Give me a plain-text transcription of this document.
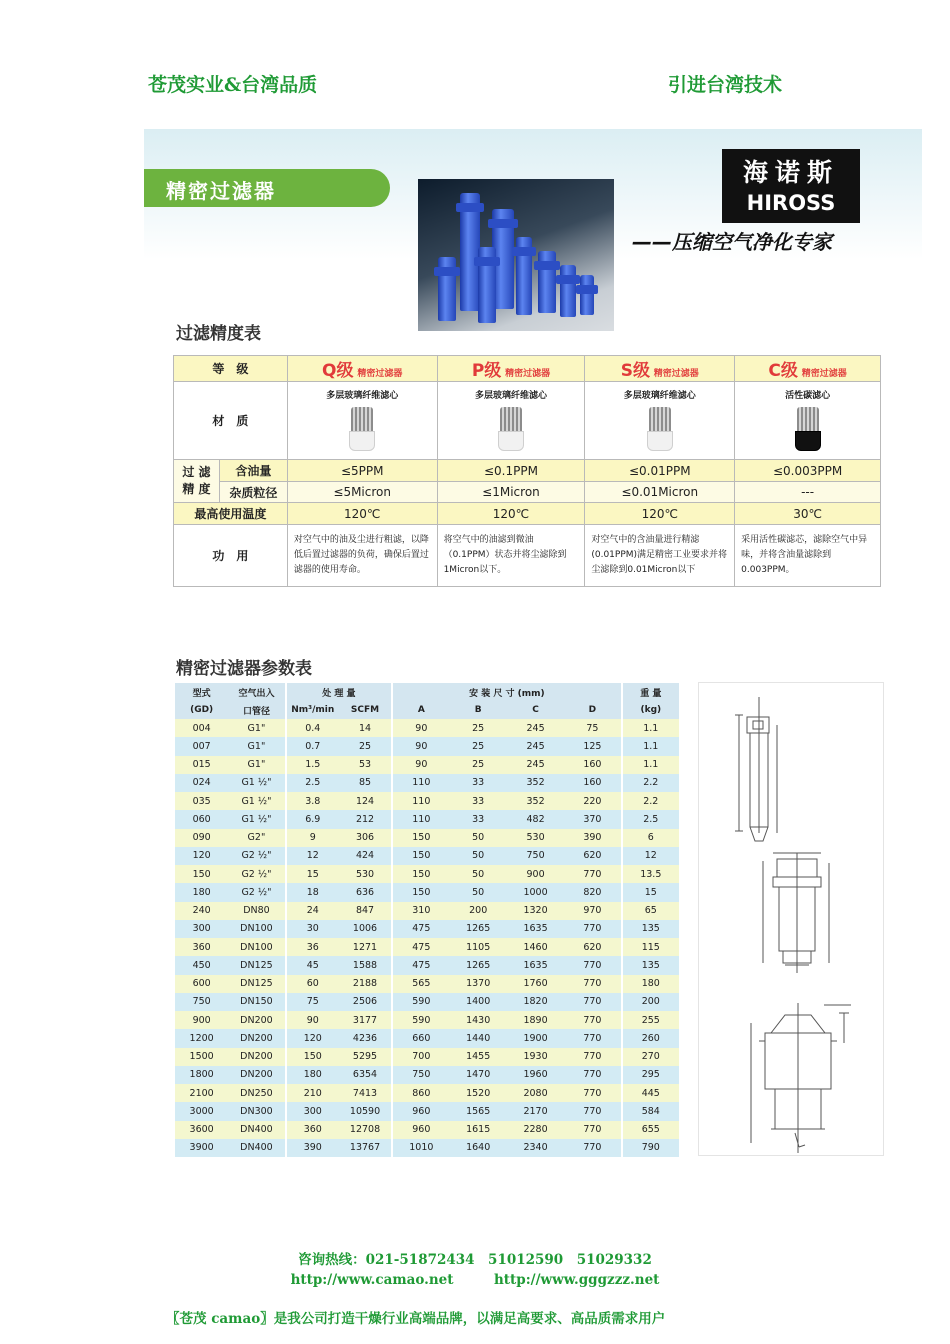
苍茂实业&台湾品质	引进台湾技术
精密过滤器
海诺斯
HIROSS
——压缩空气净化专家
过滤精度表
等　级		Q级 精密过滤器	P级 精密过滤器	S级 精密过滤器	C级 精密过滤器
材　质		多层玻璃纤维滤心	多层玻璃纤维滤心	多层玻璃纤维滤心	活性碳滤心

过 滤
精 度	含油量	≤5PPM	≤0.1PPM	≤0.01PPM	≤0.003PPM
	杂质粒径	≤5Micron	≤1Micron	≤0.01Micron	---
最高使用温度		120℃	120℃	120℃	30℃
功　用		对空气中的油及尘进行粗滤，以降低后置过滤器的负荷，确保后置过滤器的使用寿命。	将空气中的油滤到微油（0.1PPM）状态并将尘滤除到1Micron以下。	对空气中的含油量进行精滤(0.01PPM)满足精密工业要求并将尘滤除到0.01Micron以下	采用活性碳滤芯，滤除空气中异味，并将含油量滤除到0.003PPM。
精密过滤器参数表
型式	空气出入	处 理 量		安 装 尺 寸 (mm)				重 量
(GD)	口管径	Nm³/min	SCFM	A	B	C	D	(kg)
004	G1"	0.4	14	90	25	245	75	1.1
007	G1"	0.7	25	90	25	245	125	1.1
015	G1"	1.5	53	90	25	245	160	1.1
024	G1 ½"	2.5	85	110	33	352	160	2.2
035	G1 ½"	3.8	124	110	33	352	220	2.2
060	G1 ½"	6.9	212	110	33	482	370	2.5
090	G2"	9	306	150	50	530	390	6
120	G2 ½"	12	424	150	50	750	620	12
150	G2 ½"	15	530	150	50	900	770	13.5
180	G2 ½"	18	636	150	50	1000	820	15
240	DN80	24	847	310	200	1320	970	65
300	DN100	30	1006	475	1265	1635	770	135
360	DN100	36	1271	475	1105	1460	620	115
450	DN125	45	1588	475	1265	1635	770	135
600	DN125	60	2188	565	1370	1760	770	180
750	DN150	75	2506	590	1400	1820	770	200
900	DN200	90	3177	590	1430	1890	770	255
1200	DN200	120	4236	660	1440	1900	770	260
1500	DN200	150	5295	700	1455	1930	770	270
1800	DN200	180	6354	750	1470	1960	770	295
2100	DN250	210	7413	860	1520	2080	770	445
3000	DN300	300	10590	960	1565	2170	770	584
3600	DN400	360	12708	960	1615	2280	770	655
3900	DN400	390	13767	1010	1640	2340	770	790
咨询热线：021-51872434　51012590　51029332
http://www.camao.net　　　http://www.gggzzz.net
〖苍茂 camao〗是我公司打造干燥行业高端品牌，以满足高要求、高品质需求用户
